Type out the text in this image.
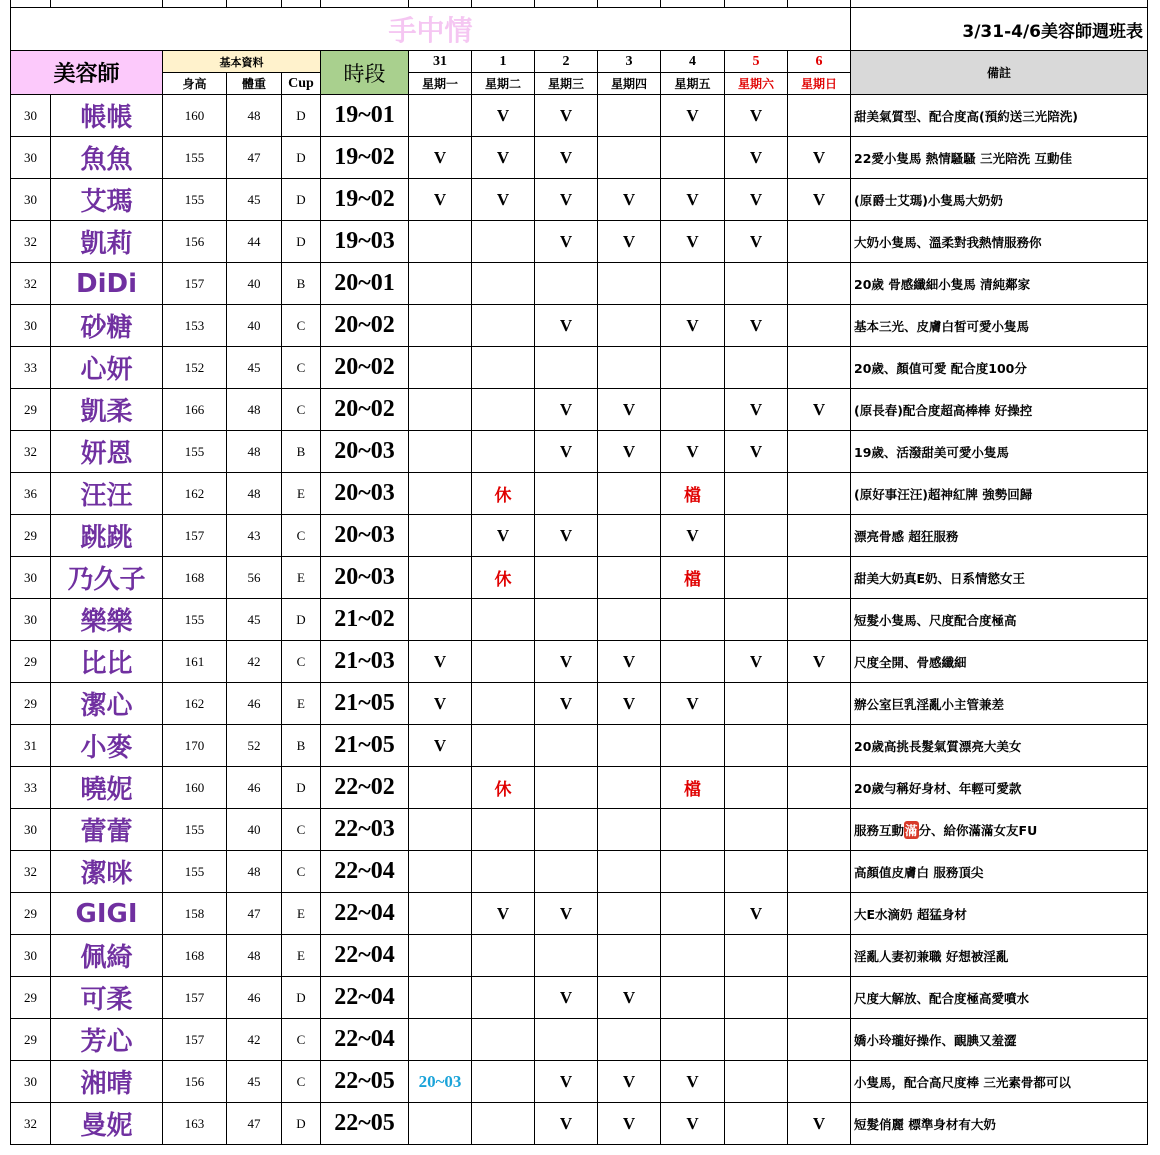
手中情													3/31-4/6美容師週班表
美容師		基本資料			時段	31	1	2	3	4	5	6	備註
		身高	體重	Cup		星期一	星期二	星期三	星期四	星期五	星期六	星期日	
30	帳帳	160	48	D	19~01		V	V		V	V		甜美氣質型、配合度高(預約送三光陪洗)
30	魚魚	155	47	D	19~02	V	V	V			V	V	22愛小隻馬 熱情騷騷 三光陪洗 互動佳
30	艾瑪	155	45	D	19~02	V	V	V	V	V	V	V	(原爵士艾瑪)小隻馬大奶奶
32	凱莉	156	44	D	19~03			V	V	V	V		大奶小隻馬、溫柔對我熱情服務你
32	DiDi	157	40	B	20~01								20歲 骨感纖細小隻馬 清純鄰家
30	砂糖	153	40	C	20~02			V		V	V		基本三光、皮膚白皙可愛小隻馬
33	心妍	152	45	C	20~02								20歲、顏值可愛 配合度100分
29	凱柔	166	48	C	20~02			V	V		V	V	(原長春)配合度超高棒棒 好操控
32	妍恩	155	48	B	20~03			V	V	V	V		19歲、活潑甜美可愛小隻馬
36	汪汪	162	48	E	20~03		休			檔			(原好事汪汪)超神紅牌 強勢回歸
29	跳跳	157	43	C	20~03		V	V		V			漂亮骨感 超狂服務
30	乃久子	168	56	E	20~03		休			檔			甜美大奶真E奶、日系情慾女王
30	樂樂	155	45	D	21~02								短髮小隻馬、尺度配合度極高
29	比比	161	42	C	21~03	V		V	V		V	V	尺度全開、骨感纖細
29	潔心	162	46	E	21~05	V		V	V	V			辦公室巨乳淫亂小主管兼差
31	小麥	170	52	B	21~05	V							20歲高挑長髮氣質漂亮大美女
33	曉妮	160	46	D	22~02		休			檔			20歲勻稱好身材、年輕可愛款
30	蕾蕾	155	40	C	22~03								服務互動滿分、給你滿滿女友FU
32	潔咪	155	48	C	22~04								高顏值皮膚白 服務頂尖
29	GIGI	158	47	E	22~04		V	V			V		大E水滴奶 超猛身材
30	佩綺	168	48	E	22~04								淫亂人妻初兼職 好想被淫亂
29	可柔	157	46	D	22~04			V	V				尺度大解放、配合度極高愛噴水
29	芳心	157	42	C	22~04								嬌小玲瓏好操作、靦腆又羞澀
30	湘晴	156	45	C	22~05	20~03		V	V	V			小隻馬，配合高尺度棒 三光素骨都可以
32	曼妮	163	47	D	22~05			V	V	V		V	短髮俏麗 標準身材有大奶
